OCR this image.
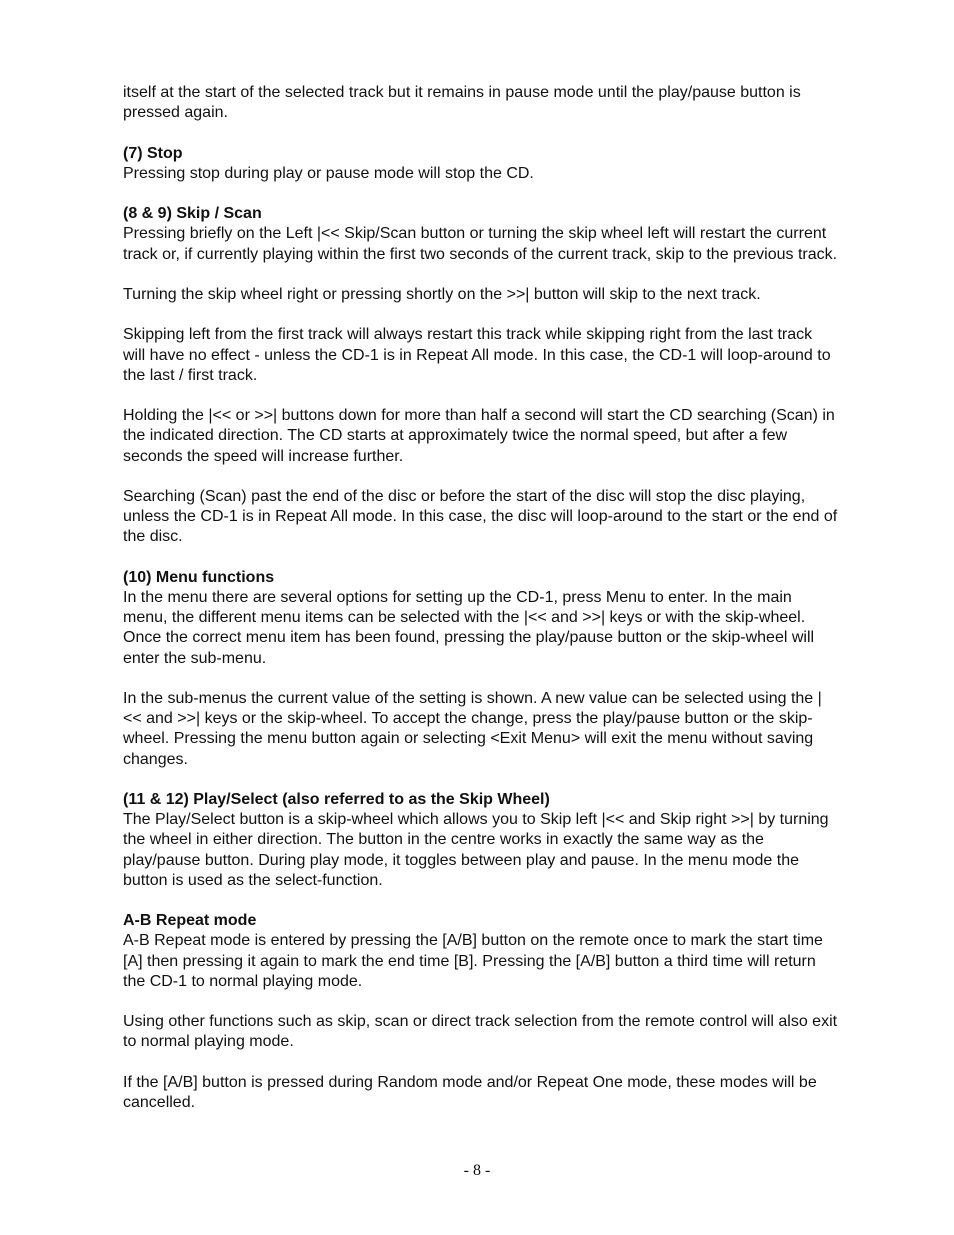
itself at the start of the selected track but it remains in pause mode until the play/pause button is pressed again.

(7) Stop
Pressing stop during play or pause mode will stop the CD.

(8 & 9) Skip / Scan
Pressing briefly on the Left |<< Skip/Scan button or turning the skip wheel left will restart the current track or, if currently playing within the first two seconds of the current track, skip to the previous track.

Turning the skip wheel right or pressing shortly on the >>| button will skip to the next track.

Skipping left from the first track will always restart this track while skipping right from the last track will have no effect - unless the CD-1 is in Repeat All mode. In this case, the CD-1 will loop-around to the last / first track.

Holding the |<< or >>| buttons down for more than half a second will start the CD searching (Scan) in the indicated direction. The CD starts at approximately twice the normal speed, but after a few seconds the speed will increase further.

Searching (Scan) past the end of the disc or before the start of the disc will stop the disc playing, unless the CD-1 is in Repeat All mode. In this case, the disc will loop-around to the start or the end of the disc.

(10) Menu functions
In the menu there are several options for setting up the CD-1, press Menu to enter. In the main menu, the different menu items can be selected with the |<< and >>| keys or with the skip-wheel. Once the correct menu item has been found, pressing the play/pause button or the skip-wheel will enter the sub-menu.

In the sub-menus the current value of the setting is shown. A new value can be selected using the |<< and >>| keys or the skip-wheel. To accept the change, press the play/pause button or the skip-wheel. Pressing the menu button again or selecting <Exit Menu> will exit the menu without saving changes.

(11 & 12) Play/Select (also referred to as the Skip Wheel)
The Play/Select button is a skip-wheel which allows you to Skip left |<< and Skip right >>| by turning the wheel in either direction. The button in the centre works in exactly the same way as the play/pause button. During play mode, it toggles between play and pause. In the menu mode the button is used as the select-function.

A-B Repeat mode
A-B Repeat mode is entered by pressing the [A/B] button on the remote once to mark the start time [A] then pressing it again to mark the end time [B]. Pressing the [A/B] button a third time will return the CD-1 to normal playing mode.

Using other functions such as skip, scan or direct track selection from the remote control will also exit to normal playing mode.

If the [A/B] button is pressed during Random mode and/or Repeat One mode, these modes will be cancelled.

- 8 -
